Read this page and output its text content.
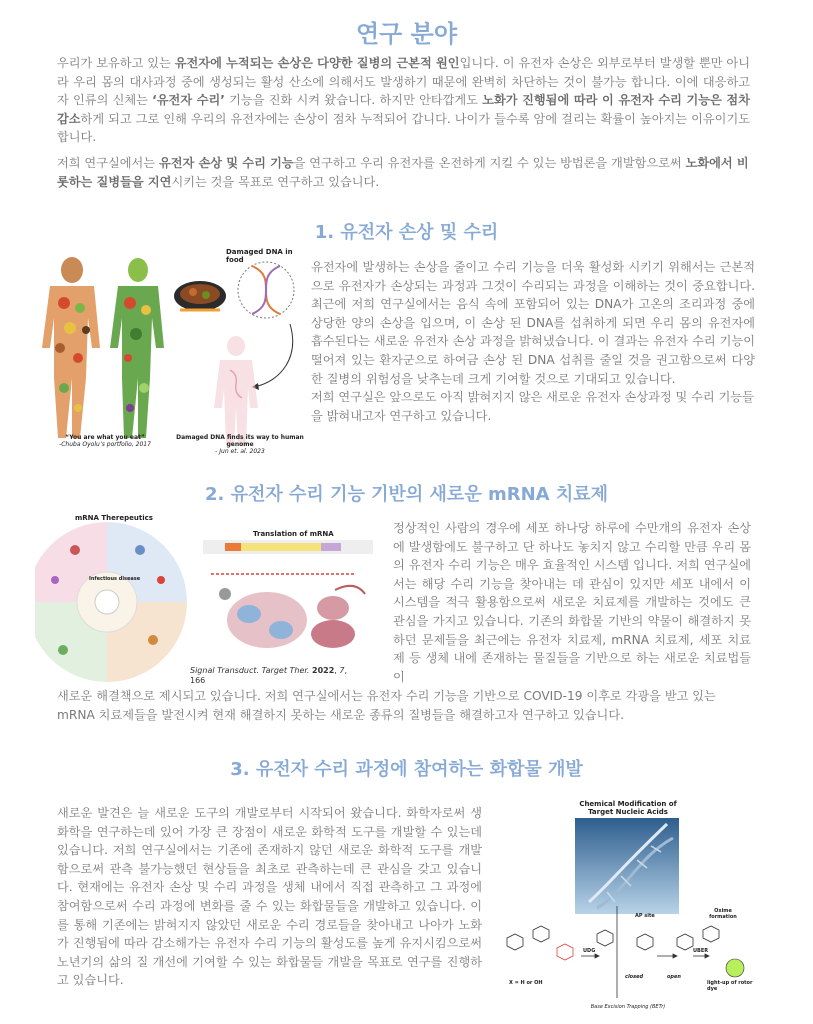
연구 분야

우리가 보유하고 있는 유전자에 누적되는 손상은 다양한 질병의 근본적 원인입니다. 이 유전자 손상은 외부로부터 발생할 뿐만 아니라 우리 몸의 대사과정 중에 생성되는 활성 산소에 의해서도 발생하기 때문에 완벽히 차단하는 것이 불가능 합니다. 이에 대응하고자 인류의 신체는 ‘유전자 수리’ 기능을 진화 시켜 왔습니다. 하지만 안타깝게도 노화가 진행됨에 따라 이 유전자 수리 기능은 점차 감소하게 되고 그로 인해 우리의 유전자에는 손상이 점차 누적되어 갑니다. 나이가 들수록 암에 걸리는 확률이 높아지는 이유이기도 합니다.

저희 연구실에서는 유전자 손상 및 수리 기능을 연구하고 우리 유전자를 온전하게 지킬 수 있는 방법론을 개발함으로써 노화에서 비롯하는 질병들을 지연시키는 것을 목표로 연구하고 있습니다.

1. 유전자 손상 및 수리
Damaged DNA in food
“You are what you eat”
-Chuba Oyolu’s portfolio, 2017
Damaged DNA finds its way to human genome
- Jun et. al. 2023

유전자에 발생하는 손상을 줄이고 수리 기능을 더욱 활성화 시키기 위해서는 근본적으로 유전자가 손상되는 과정과 그것이 수리되는 과정을 이해하는 것이 중요합니다. 최근에 저희 연구실에서는 음식 속에 포함되어 있는 DNA가 고온의 조리과정 중에 상당한 양의 손상을 입으며, 이 손상 된 DNA를 섭취하게 되면 우리 몸의 유전자에 흡수된다는 새로운 유전자 손상 과정을 밝혀냈습니다. 이 결과는 유전자 수리 기능이 떨어져 있는 환자군으로 하여금 손상 된 DNA 섭취를 줄일 것을 권고함으로써 다양한 질병의 위험성을 낮추는데 크게 기여할 것으로 기대되고 있습니다.

저희 연구실은 앞으로도 아직 밝혀지지 않은 새로운 유전자 손상과정 및 수리 기능들을 밝혀내고자 연구하고 있습니다.

2. 유전자 수리 기능 기반의 새로운 mRNA 치료제
mRNA Therepeutics
Translation of mRNA
Infectious disease
Signal Transduct. Target Ther. 2022, 7, 166

정상적인 사람의 경우에 세포 하나당 하루에 수만개의 유전자 손상에 발생함에도 불구하고 단 하나도 놓치지 않고 수리할 만큼 우리 몸의 유전자 수리 기능은 매우 효율적인 시스템 입니다. 저희 연구실에서는 해당 수리 기능을 찾아내는 데 관심이 있지만 세포 내에서 이 시스템을 적극 활용함으로써 새로운 치료제를 개발하는 것에도 큰 관심을 가지고 있습니다. 기존의 화합물 기반의 약물이 해결하지 못하던 문제들을 최근에는 유전자 치료제, mRNA 치료제, 세포 치료제 등 생체 내에 존재하는 물질들을 기반으로 하는 새로운 치료법들이

새로운 해결책으로 제시되고 있습니다. 저희 연구실에서는 유전자 수리 기능을 기반으로 COVID-19 이후로 각광을 받고 있는 mRNA 치료제들을 발전시켜 현재 해결하지 못하는 새로운 종류의 질병들을 해결하고자 연구하고 있습니다.

3. 유전자 수리 과정에 참여하는 화합물 개발

새로운 발견은 늘 새로운 도구의 개발로부터 시작되어 왔습니다. 화학자로써 생화학을 연구하는데 있어 가장 큰 장점이 새로운 화학적 도구를 개발할 수 있는데 있습니다. 저희 연구실에서는 기존에 존재하지 않던 새로운 화학적 도구를 개발함으로써 관측 불가능했던 현상들을 최초로 관측하는데 큰 관심을 갖고 있습니다. 현재에는 유전자 손상 및 수리 과정을 생체 내에서 직접 관측하고 그 과정에 참여함으로써 수리 과정에 변화를 줄 수 있는 화합물들을 개발하고 있습니다. 이를 통해 기존에는 밝혀지지 않았던 새로운 수리 경로들을 찾아내고 나아가 노화가 진행됨에 따라 감소해가는 유전자 수리 기능의 활성도를 높게 유지시킴으로써 노년기의 삶의 질 개선에 기여할 수 있는 화합물들 개발을 목표로 연구를 진행하고 있습니다.

Chemical Modification of
Target Nucleic Acids
AP site
Oxime formation
UDG	UBER
closed	open
X = H or OH	light-up of rotor dye
Base Excision Trapping (BETr)
